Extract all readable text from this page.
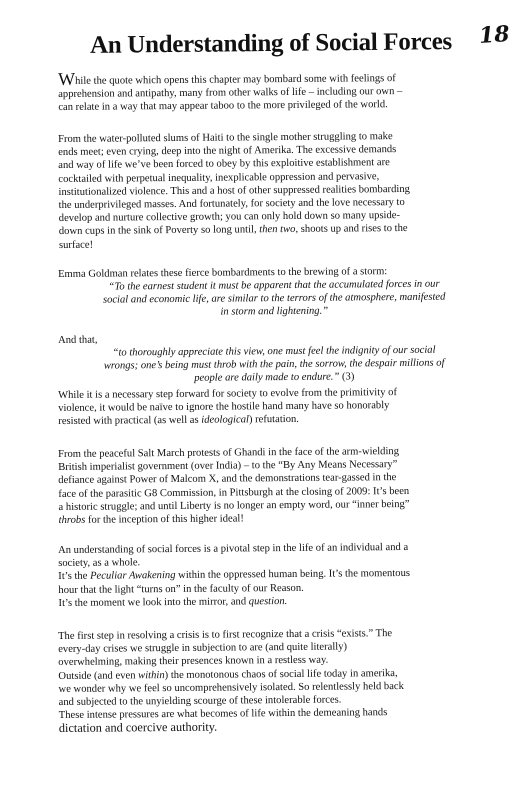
18
An Understanding of Social Forces
While the quote which opens this chapter may bombard some with feelings of
apprehension and antipathy, many from other walks of life – including our own –
can relate in a way that may appear taboo to the more privileged of the world.
From the water-polluted slums of Haiti to the single mother struggling to make
ends meet; even crying, deep into the night of Amerika. The excessive demands
and way of life we’ve been forced to obey by this exploitive establishment are
cocktailed with perpetual inequality, inexplicable oppression and pervasive,
institutionalized violence. This and a host of other suppressed realities bombarding
the underprivileged masses. And fortunately, for society and the love necessary to
develop and nurture collective growth; you can only hold down so many upside-
down cups in the sink of Poverty so long until, then two, shoots up and rises to the
surface!
Emma Goldman relates these fierce bombardments to the brewing of a storm:
“To the earnest student it must be apparent that the accumulated forces in our
social and economic life, are similar to the terrors of the atmosphere, manifested
in storm and lightening.”
And that,
“to thoroughly appreciate this view, one must feel the indignity of our social
wrongs; one’s being must throb with the pain, the sorrow, the despair millions of
people are daily made to endure.” (3)
While it is a necessary step forward for society to evolve from the primitivity of
violence, it would be naïve to ignore the hostile hand many have so honorably
resisted with practical (as well as ideological) refutation.
From the peaceful Salt March protests of Ghandi in the face of the arm-wielding
British imperialist government (over India) – to the “By Any Means Necessary”
defiance against Power of Malcom X, and the demonstrations tear-gassed in the
face of the parasitic G8 Commission, in Pittsburgh at the closing of 2009: It’s been
a historic struggle; and until Liberty is no longer an empty word, our “inner being”
throbs for the inception of this higher ideal!
An understanding of social forces is a pivotal step in the life of an individual and a
society, as a whole.
It’s the Peculiar Awakening within the oppressed human being. It’s the momentous
hour that the light “turns on” in the faculty of our Reason.
It’s the moment we look into the mirror, and question.
The first step in resolving a crisis is to first recognize that a crisis “exists.” The
every-day crises we struggle in subjection to are (and quite literally)
overwhelming, making their presences known in a restless way.
Outside (and even within) the monotonous chaos of social life today in amerika,
we wonder why we feel so uncomprehensively isolated. So relentlessly held back
and subjected to the unyielding scourge of these intolerable forces.
These intense pressures are what becomes of life within the demeaning hands
dictation and coercive authority.
